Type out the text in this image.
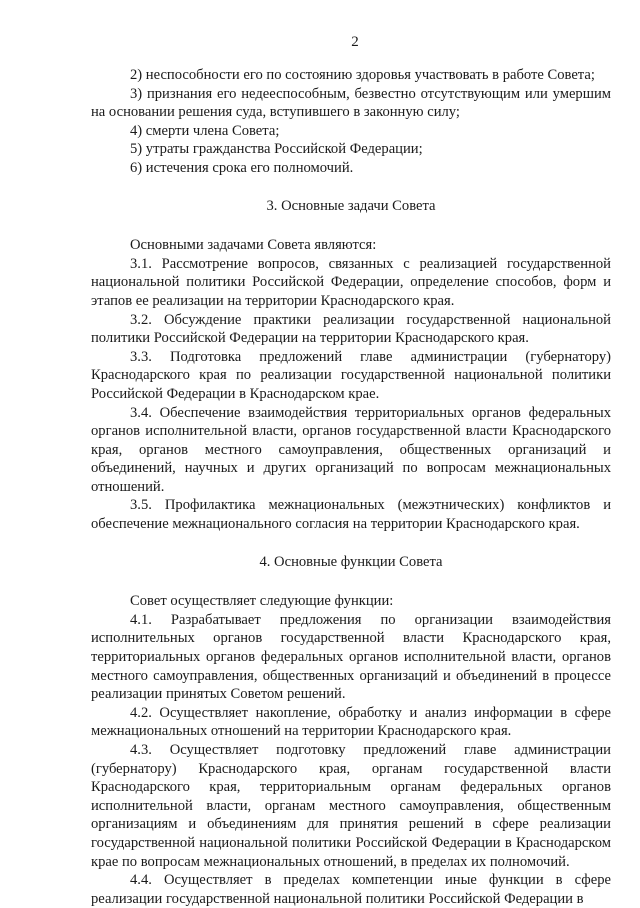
2

2) неспособности его по состоянию здоровья участвовать в работе Совета;

3) признания его недееспособным, безвестно отсутствующим или умершим на основании решения суда, вступившего в законную силу;

4) смерти члена Совета;

5) утраты гражданства Российской Федерации;

6) истечения срока его полномочий.

3. Основные задачи Совета

Основными задачами Совета являются:

3.1. Рассмотрение вопросов, связанных с реализацией государственной национальной политики Российской Федерации, определение способов, форм и этапов ее реализации на территории Краснодарского края.

3.2. Обсуждение практики реализации государственной национальной политики Российской Федерации на территории Краснодарского края.

3.3. Подготовка предложений главе администрации (губернатору) Краснодарского края по реализации государственной национальной политики Российской Федерации в Краснодарском крае.

3.4. Обеспечение взаимодействия территориальных органов федеральных органов исполнительной власти, органов государственной власти Краснодарского края, органов местного самоуправления, общественных организаций и объединений, научных и других организаций по вопросам межнациональных отношений.

3.5. Профилактика межнациональных (межэтнических) конфликтов и обеспечение межнационального согласия на территории Краснодарского края.

4. Основные функции Совета

Совет осуществляет следующие функции:

4.1. Разрабатывает предложения по организации взаимодействия исполнительных органов государственной власти Краснодарского края, территориальных органов федеральных органов исполнительной власти, органов местного самоуправления, общественных организаций и объединений в процессе реализации принятых Советом решений.

4.2. Осуществляет накопление, обработку и анализ информации в сфере межнациональных отношений на территории Краснодарского края.

4.3. Осуществляет подготовку предложений главе администрации (губернатору) Краснодарского края, органам государственной власти Краснодарского края, территориальным органам федеральных органов исполнительной власти, органам местного самоуправления, общественным организациям и объединениям для принятия решений в сфере реализации государственной национальной политики Российской Федерации в Краснодарском крае по вопросам межнациональных отношений, в пределах их полномочий.

4.4. Осуществляет в пределах компетенции иные функции в сфере реализации государственной национальной политики Российской Федерации в
